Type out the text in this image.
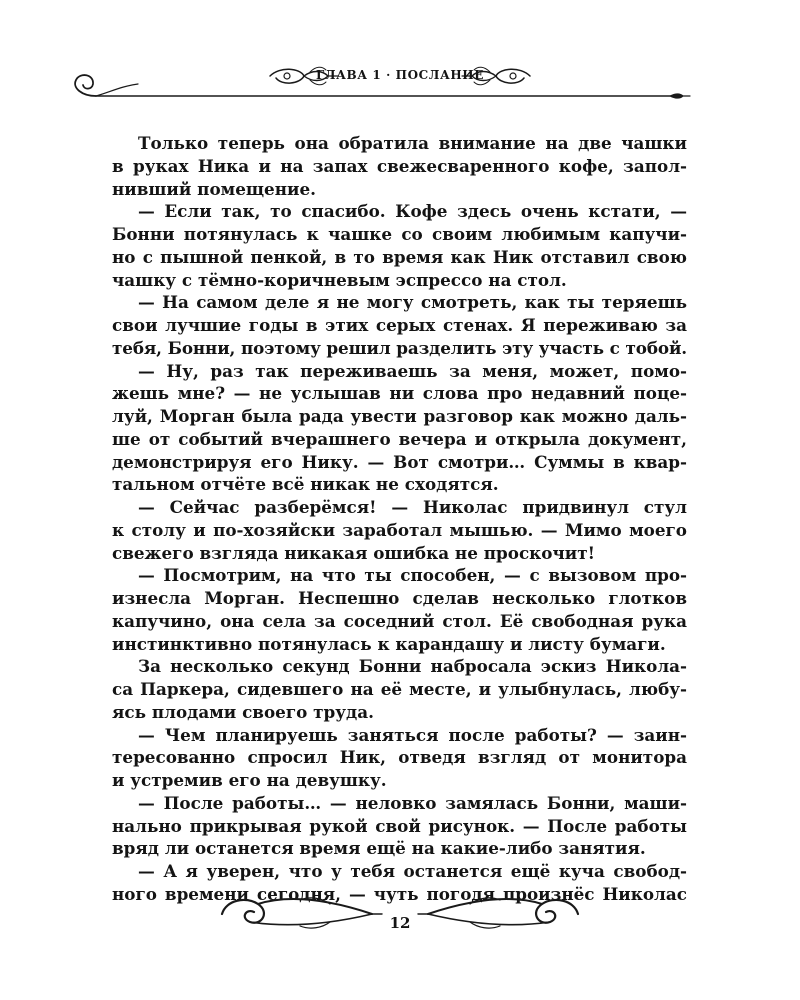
ГЛАВА 1 · ПОСЛАНИЕ
Только теперь она обратила внимание на две чашки
в руках Ника и на запах свежесваренного кофе, запол-
нивший помещение.
— Если так, то спасибо. Кофе здесь очень кстати, —
Бонни потянулась к чашке со своим любимым капучи-
но с пышной пенкой, в то время как Ник отставил свою
чашку с тёмно-коричневым эспрессо на стол.
— На самом деле я не могу смотреть, как ты теряешь
свои лучшие годы в этих серых стенах. Я переживаю за
тебя, Бонни, поэтому решил разделить эту участь с тобой.
— Ну, раз так переживаешь за меня, может, помо-
жешь мне? — не услышав ни слова про недавний поце-
луй, Морган была рада увести разговор как можно даль-
ше от событий вчерашнего вечера и открыла документ,
демонстрируя его Нику. — Вот смотри… Суммы в квар-
тальном отчёте всё никак не сходятся.
— Сейчас разберёмся! — Николас придвинул стул
к столу и по-хозяйски заработал мышью. — Мимо моего
свежего взгляда никакая ошибка не проскочит!
— Посмотрим, на что ты способен, — с вызовом про-
изнесла Морган. Неспешно сделав несколько глотков
капучино, она села за соседний стол. Её свободная рука
инстинктивно потянулась к карандашу и листу бумаги.
За несколько секунд Бонни набросала эскиз Никола-
са Паркера, сидевшего на её месте, и улыбнулась, любу-
ясь плодами своего труда.
— Чем планируешь заняться после работы? — заин-
тересованно спросил Ник, отведя взгляд от монитора
и устремив его на девушку.
— После работы… — неловко замялась Бонни, маши-
нально прикрывая рукой свой рисунок. — После работы
вряд ли останется время ещё на какие-либо занятия.
— А я уверен, что у тебя останется ещё куча свобод-
ного времени сегодня, — чуть погодя произнёс Николас
12
